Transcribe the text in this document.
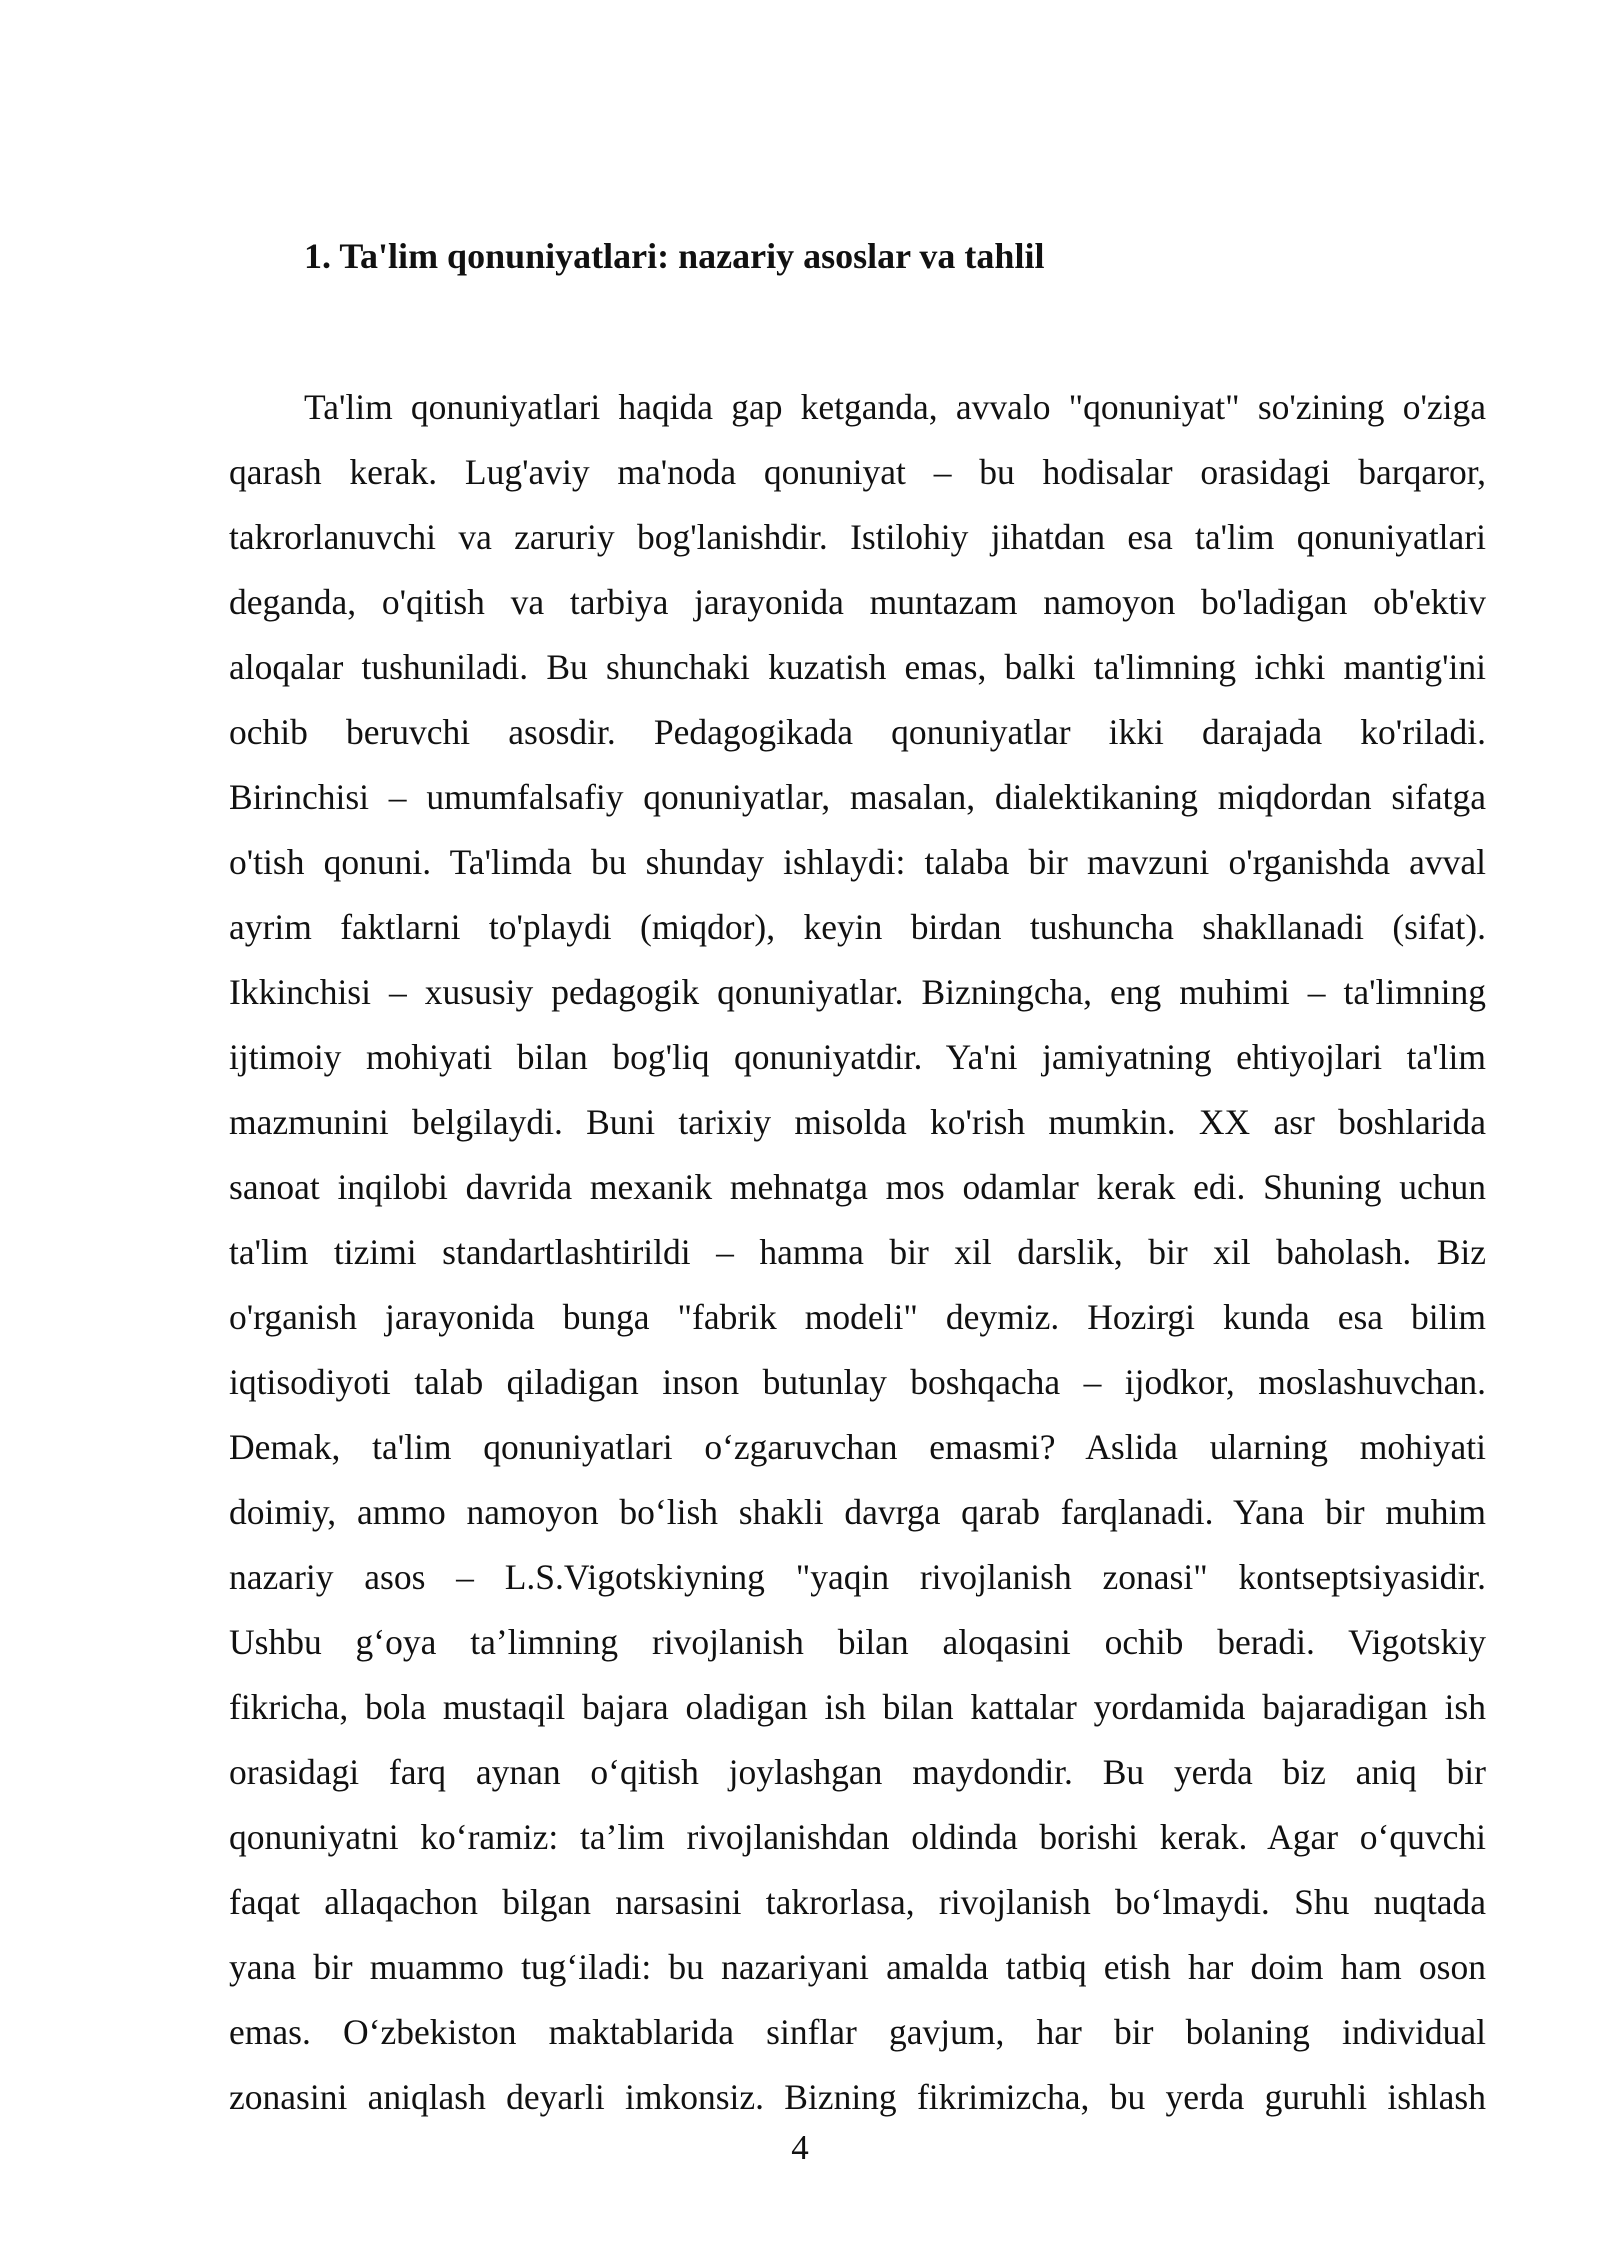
1. Ta'lim qonuniyatlari: nazariy asoslar va tahlil
Ta'lim qonuniyatlari haqida gap ketganda, avvalo "qonuniyat" so'zining o'ziga
qarash kerak. Lug'aviy ma'noda qonuniyat – bu hodisalar orasidagi barqaror,
takrorlanuvchi va zaruriy bog'lanishdir. Istilohiy jihatdan esa ta'lim qonuniyatlari
deganda, o'qitish va tarbiya jarayonida muntazam namoyon bo'ladigan ob'ektiv
aloqalar tushuniladi. Bu shunchaki kuzatish emas, balki ta'limning ichki mantig'ini
ochib beruvchi asosdir. Pedagogikada qonuniyatlar ikki darajada ko'riladi.
Birinchisi – umumfalsafiy qonuniyatlar, masalan, dialektikaning miqdordan sifatga
o'tish qonuni. Ta'limda bu shunday ishlaydi: talaba bir mavzuni o'rganishda avval
ayrim faktlarni to'playdi (miqdor), keyin birdan tushuncha shakllanadi (sifat).
Ikkinchisi – xususiy pedagogik qonuniyatlar. Bizningcha, eng muhimi – ta'limning
ijtimoiy mohiyati bilan bog'liq qonuniyatdir. Ya'ni jamiyatning ehtiyojlari ta'lim
mazmunini belgilaydi. Buni tarixiy misolda ko'rish mumkin. XX asr boshlarida
sanoat inqilobi davrida mexanik mehnatga mos odamlar kerak edi. Shuning uchun
ta'lim tizimi standartlashtirildi – hamma bir xil darslik, bir xil baholash. Biz
o'rganish jarayonida bunga "fabrik modeli" deymiz. Hozirgi kunda esa bilim
iqtisodiyoti talab qiladigan inson butunlay boshqacha – ijodkor, moslashuvchan.
Demak, ta'lim qonuniyatlari o‘zgaruvchan emasmi? Aslida ularning mohiyati
doimiy, ammo namoyon bo‘lish shakli davrga qarab farqlanadi. Yana bir muhim
nazariy asos – L.S.Vigotskiyning "yaqin rivojlanish zonasi" kontseptsiyasidir.
Ushbu g‘oya ta’limning rivojlanish bilan aloqasini ochib beradi. Vigotskiy
fikricha, bola mustaqil bajara oladigan ish bilan kattalar yordamida bajaradigan ish
orasidagi farq aynan o‘qitish joylashgan maydondir. Bu yerda biz aniq bir
qonuniyatni ko‘ramiz: ta’lim rivojlanishdan oldinda borishi kerak. Agar o‘quvchi
faqat allaqachon bilgan narsasini takrorlasa, rivojlanish bo‘lmaydi. Shu nuqtada
yana bir muammo tug‘iladi: bu nazariyani amalda tatbiq etish har doim ham oson
emas. O‘zbekiston maktablarida sinflar gavjum, har bir bolaning individual
zonasini aniqlash deyarli imkonsiz. Bizning fikrimizcha, bu yerda guruhli ishlash
4
